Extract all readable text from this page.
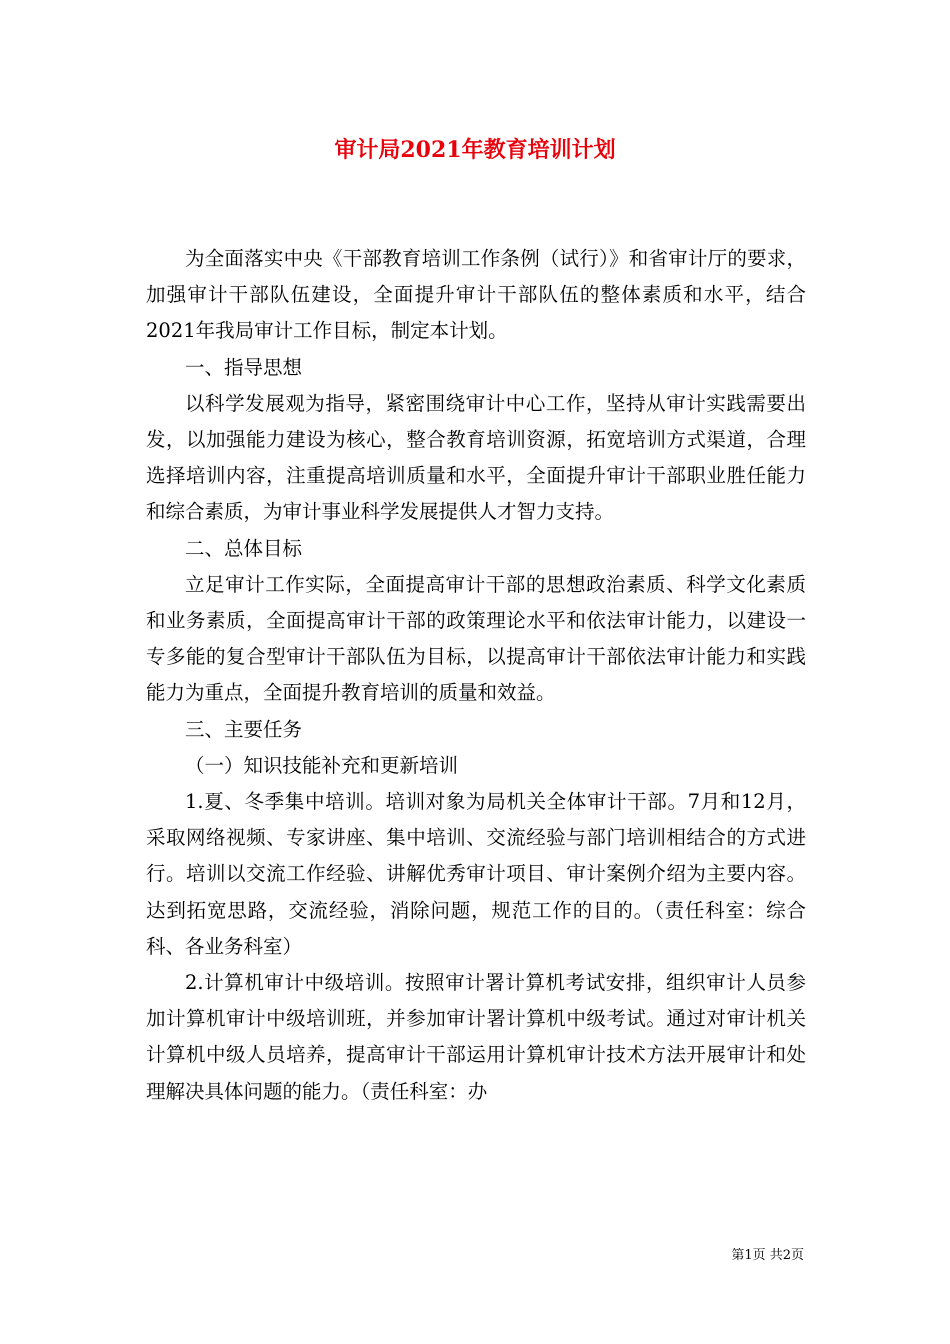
审计局2021年教育培训计划

为全面落实中央《干部教育培训工作条例（试行）》和省审计厅的要求，加强审计干部队伍建设，全面提升审计干部队伍的整体素质和水平，结合2021年我局审计工作目标，制定本计划。

一、指导思想

以科学发展观为指导，紧密围绕审计中心工作，坚持从审计实践需要出发，以加强能力建设为核心，整合教育培训资源，拓宽培训方式渠道，合理选择培训内容，注重提高培训质量和水平，全面提升审计干部职业胜任能力和综合素质，为审计事业科学发展提供人才智力支持。

二、总体目标

立足审计工作实际，全面提高审计干部的思想政治素质、科学文化素质和业务素质，全面提高审计干部的政策理论水平和依法审计能力，以建设一专多能的复合型审计干部队伍为目标，以提高审计干部依法审计能力和实践能力为重点，全面提升教育培训的质量和效益。

三、主要任务

（一）知识技能补充和更新培训

1.夏、冬季集中培训。培训对象为局机关全体审计干部。7月和12月，采取网络视频、专家讲座、集中培训、交流经验与部门培训相结合的方式进行。培训以交流工作经验、讲解优秀审计项目、审计案例介绍为主要内容。达到拓宽思路，交流经验，消除问题，规范工作的目的。（责任科室：综合科、各业务科室）

2.计算机审计中级培训。按照审计署计算机考试安排，组织审计人员参加计算机审计中级培训班，并参加审计署计算机中级考试。通过对审计机关计算机中级人员培养，提高审计干部运用计算机审计技术方法开展审计和处理解决具体问题的能力。（责任科室：办

第1页 共2页
